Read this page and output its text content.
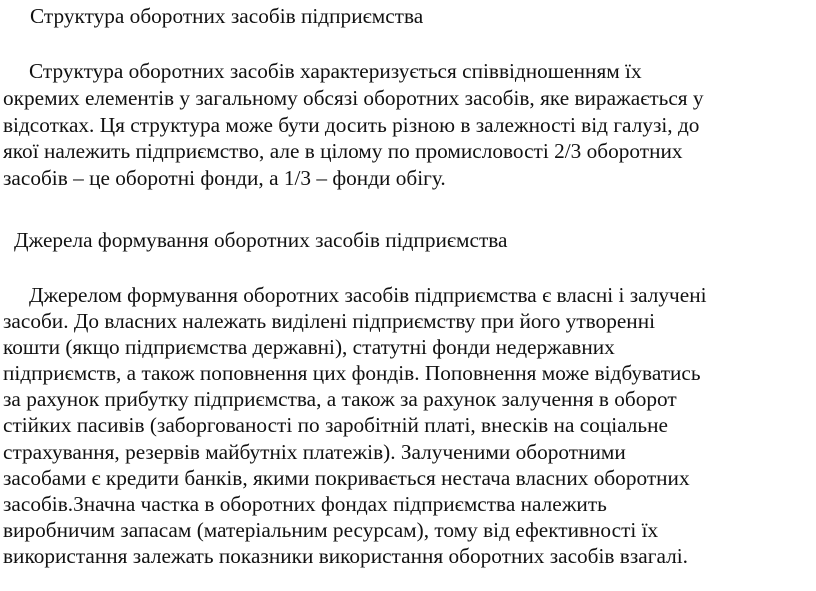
Структура оборотних засобів підприємства
Структура оборотних засобів характеризується співвідношенням їх
окремих елементів у загальному обсязі оборотних засобів, яке виражається у
відсотках. Ця структура може бути досить різною в залежності від галузі, до
якої належить підприємство, але в цілому по промисловості 2/3 оборотних
засобів – це оборотні фонди, а 1/3 – фонди обігу.
Джерела формування оборотних засобів підприємства
Джерелом формування оборотних засобів підприємства є власні і залучені
засоби. До власних належать виділені підприємству при його утворенні
кошти (якщо підприємства державні), статутні фонди недержавних
підприємств, а також поповнення цих фондів. Поповнення може відбуватись
за рахунок прибутку підприємства, а також за рахунок залучення в оборот
стійких пасивів (заборгованості по заробітній платі, внесків на соціальне
страхування, резервів майбутніх платежів). Залученими оборотними
засобами є кредити банків, якими покривається нестача власних оборотних
засобів.Значна частка в оборотних фондах підприємства належить
виробничим запасам (матеріальним ресурсам), тому від ефективності їх
використання залежать показники використання оборотних засобів взагалі.
